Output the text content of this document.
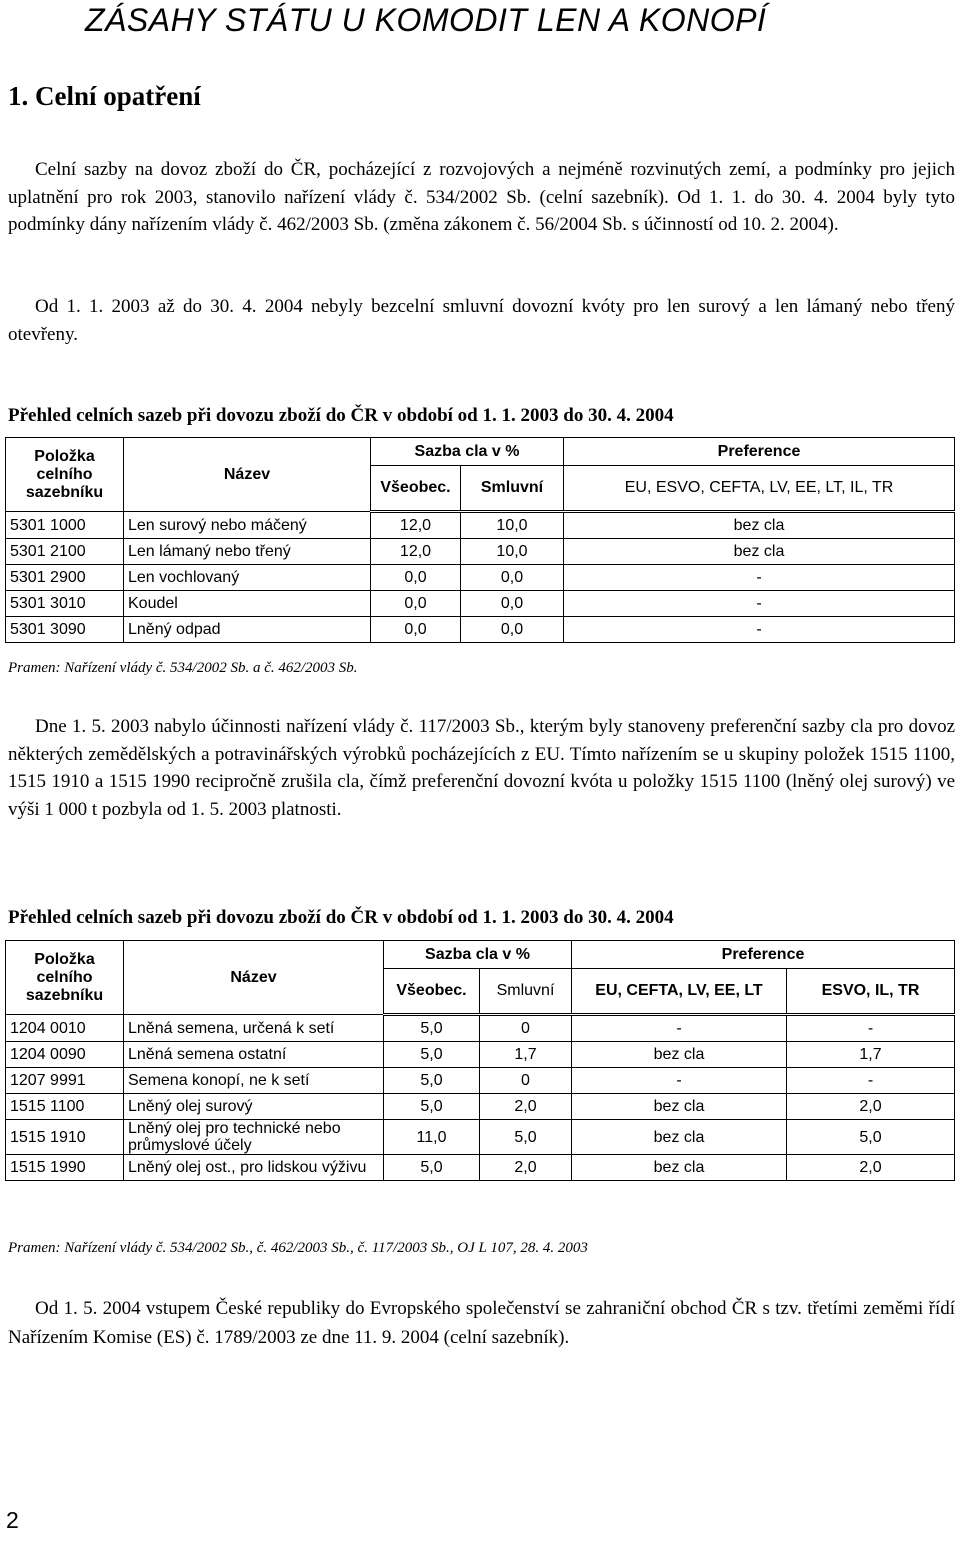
ZÁSAHY STÁTU U KOMODIT LEN A KONOPÍ
1. Celní opatření

Celní sazby na dovoz zboží do ČR, pocházející z rozvojových a nejméně rozvinutých zemí, a podmínky pro jejich uplatnění pro rok 2003, stanovilo nařízení vlády č. 534/2002 Sb. (celní sazebník). Od 1. 1. do 30. 4. 2004 byly tyto podmínky dány nařízením vlády č. 462/2003 Sb. (změna zákonem č. 56/2004 Sb. s účinností od 10. 2. 2004).

Od 1. 1. 2003 až do 30. 4. 2004 nebyly bezcelní smluvní dovozní kvóty pro len surový a len lámaný nebo třený otevřeny.

Přehled celních sazeb při dovozu zboží do ČR v období od 1. 1. 2003 do 30. 4. 2004

Položka celního sazebníku	Název	Sazba cla v %		Preference
		Všeobec.	Smluvní	EU, ESVO, CEFTA, LV, EE, LT, IL, TR
5301 1000	Len surový nebo máčený	12,0	10,0	bez cla
5301 2100	Len lámaný nebo třený	12,0	10,0	bez cla
5301 2900	Len vochlovaný	0,0	0,0	-
5301 3010	Koudel	0,0	0,0	-
5301 3090	Lněný odpad	0,0	0,0	-

Pramen: Nařízení vlády č. 534/2002 Sb. a č. 462/2003 Sb.

Dne 1. 5. 2003 nabylo účinnosti nařízení vlády č. 117/2003 Sb., kterým byly stanoveny preferenční sazby cla pro dovoz některých zemědělských a potravinářských výrobků pocházejících z EU. Tímto nařízením se u skupiny položek 1515 1100, 1515 1910 a 1515 1990 recipročně zrušila cla, čímž preferenční dovozní kvóta u položky 1515 1100 (lněný olej surový) ve výši 1 000 t pozbyla od 1. 5. 2003 platnosti.

Přehled celních sazeb při dovozu zboží do ČR v období od 1. 1. 2003 do 30. 4. 2004

Položka celního sazebníku	Název	Sazba cla v %		Preference	
		Všeobec.	Smluvní	EU, CEFTA, LV, EE, LT	ESVO, IL, TR
1204 0010	Lněná semena, určená k setí	5,0	0	-	-
1204 0090	Lněná semena ostatní	5,0	1,7	bez cla	1,7
1207 9991	Semena konopí, ne k setí	5,0	0	-	-
1515 1100	Lněný olej surový	5,0	2,0	bez cla	2,0
1515 1910	Lněný olej pro technické nebo průmyslové účely	11,0	5,0	bez cla	5,0
1515 1990	Lněný olej ost., pro lidskou výživu	5,0	2,0	bez cla	2,0

Pramen: Nařízení vlády č. 534/2002 Sb., č. 462/2003 Sb., č. 117/2003 Sb., OJ L 107, 28. 4. 2003

Od 1. 5. 2004 vstupem České republiky do Evropského společenství se zahraniční obchod ČR s tzv. třetími zeměmi řídí Nařízením Komise (ES) č. 1789/2003 ze dne 11. 9. 2004 (celní sazebník).

2
